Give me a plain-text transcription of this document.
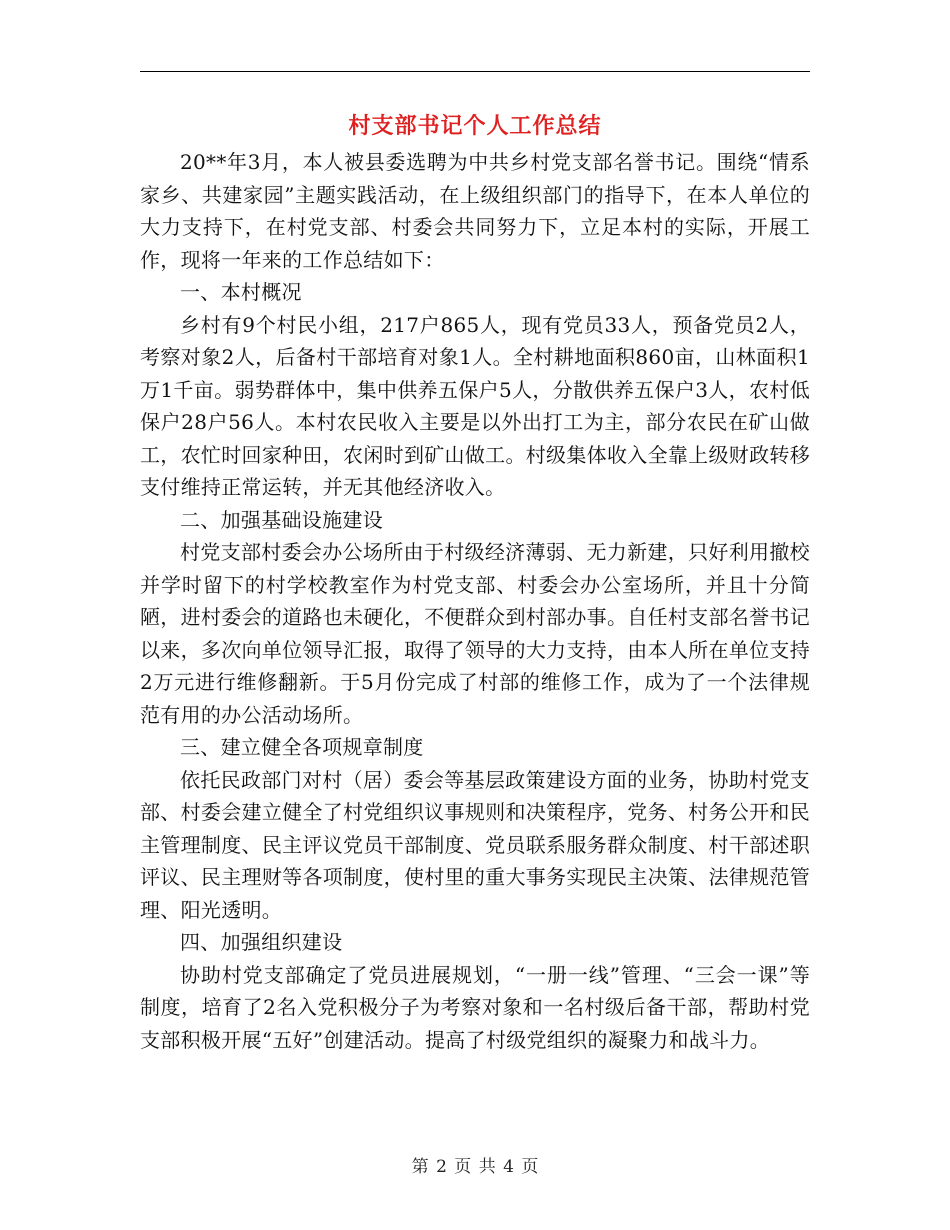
村支部书记个人工作总结

20**年3月，本人被县委选聘为中共乡村党支部名誉书记。围绕“情系家乡、共建家园”主题实践活动，在上级组织部门的指导下，在本人单位的大力支持下，在村党支部、村委会共同努力下，立足本村的实际，开展工作，现将一年来的工作总结如下：

一、本村概况

乡村有9个村民小组，217户865人，现有党员33人，预备党员2人，考察对象2人，后备村干部培育对象1人。全村耕地面积860亩，山林面积1万1千亩。弱势群体中，集中供养五保户5人，分散供养五保户3人，农村低保户28户56人。本村农民收入主要是以外出打工为主，部分农民在矿山做工，农忙时回家种田，农闲时到矿山做工。村级集体收入全靠上级财政转移支付维持正常运转，并无其他经济收入。

二、加强基础设施建设

村党支部村委会办公场所由于村级经济薄弱、无力新建，只好利用撤校并学时留下的村学校教室作为村党支部、村委会办公室场所，并且十分简陋，进村委会的道路也未硬化，不便群众到村部办事。自任村支部名誉书记以来，多次向单位领导汇报，取得了领导的大力支持，由本人所在单位支持2万元进行维修翻新。于5月份完成了村部的维修工作，成为了一个法律规范有用的办公活动场所。

三、建立健全各项规章制度

依托民政部门对村（居）委会等基层政策建设方面的业务，协助村党支部、村委会建立健全了村党组织议事规则和决策程序，党务、村务公开和民主管理制度、民主评议党员干部制度、党员联系服务群众制度、村干部述职评议、民主理财等各项制度，使村里的重大事务实现民主决策、法律规范管理、阳光透明。

四、加强组织建设

协助村党支部确定了党员进展规划，“一册一线”管理、“三会一课”等制度，培育了2名入党积极分子为考察对象和一名村级后备干部，帮助村党支部积极开展“五好”创建活动。提高了村级党组织的凝聚力和战斗力。

第 2 页 共 4 页
